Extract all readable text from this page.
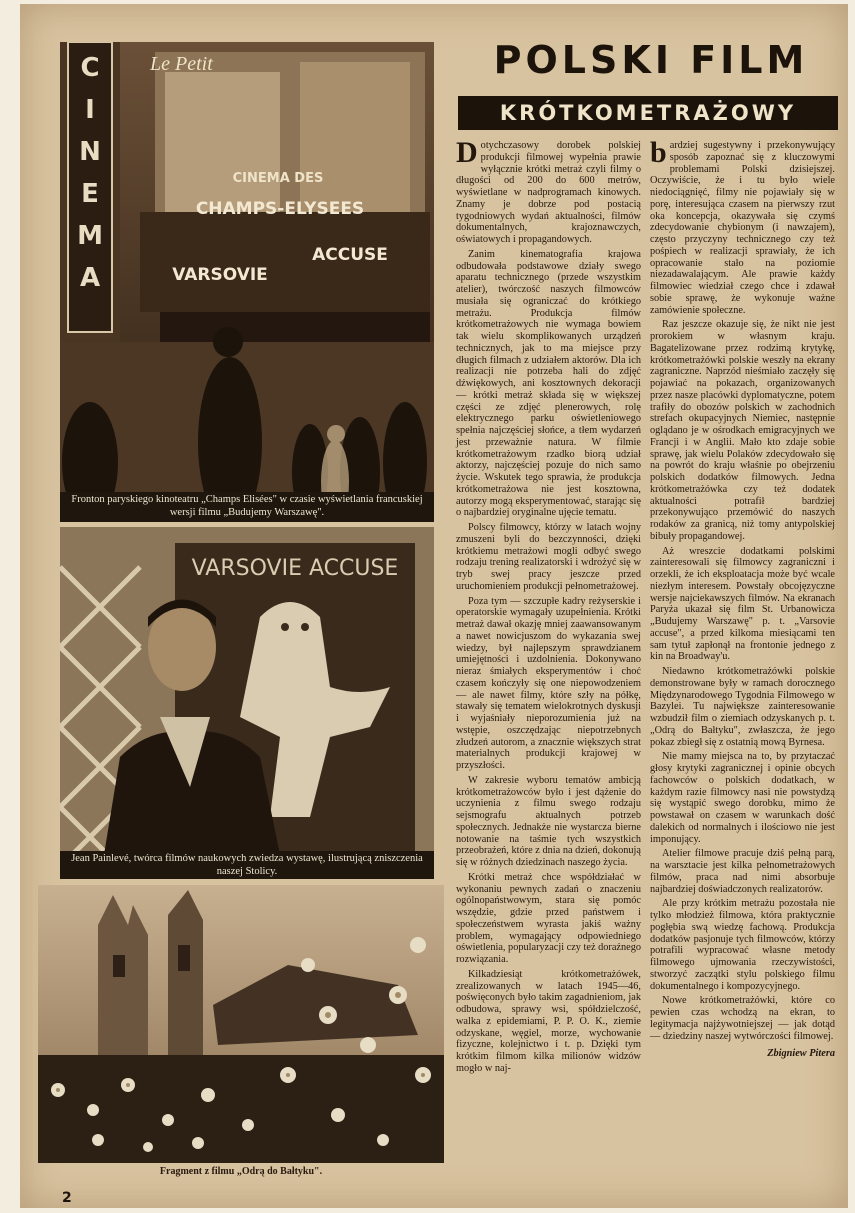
C
I
N
E
M
A
Le Petit
CINEMA DES
CHAMPS-ELYSEES
VARSOVIE
ACCUSE
Fronton paryskiego kinoteatru „Champs Elisées" w czasie wyświetlania francuskiej wersji filmu „Budujemy Warszawę".
VARSOVIE ACCUSE
Jean Painlevé, twórca filmów naukowych zwiedza wystawę, ilustrującą zniszczenia naszej Stolicy.
Fragment z filmu „Odrą do Bałtyku".
POLSKI FILM
KRÓTKOMETRAŻOWY

Dotychczasowy dorobek polskiej produkcji filmowej wypełnia prawie wyłącznie krótki metraż czyli filmy o długości od 200 do 600 metrów, wyświetlane w nadprogramach kinowych. Znamy je dobrze pod postacią tygodniowych wydań aktualności, filmów dokumentalnych, krajoznawczych, oświatowych i propagandowych.

Zanim kinematografia krajowa odbudowała podstawowe działy swego aparatu technicznego (przede wszystkim atelier), twórczość naszych filmowców musiała się ograniczać do krótkiego metrażu. Produkcja filmów krótkometrażowych nie wymaga bowiem tak wielu skomplikowanych urządzeń technicznych, jak to ma miejsce przy długich filmach z udziałem aktorów. Dla ich realizacji nie potrzeba hali do zdjęć dźwiękowych, ani kosztownych dekoracji — krótki metraż składa się w większej części ze zdjęć plenerowych, rolę elektrycznego parku oświetleniowego spełnia najczęściej słońce, a tłem wydarzeń jest przeważnie natura. W filmie krótkometrażowym rzadko biorą udział aktorzy, najczęściej pozuje do nich samo życie. Wskutek tego sprawia, że produkcja krótkometrażowa nie jest kosztowna, autorzy mogą eksperymentować, starając się o najbardziej oryginalne ujęcie tematu.

Polscy filmowcy, którzy w latach wojny zmuszeni byli do bezczynności, dzięki krótkiemu metrażowi mogli odbyć swego rodzaju trening realizatorski i wdrożyć się w tryb swej pracy jeszcze przed uruchomieniem produkcji pełnometrażowej.

Poza tym — szczupłe kadry reżyserskie i operatorskie wymagały uzupełnienia. Krótki metraż dawał okazję mniej zaawansowanym a nawet nowicjuszom do wykazania swej wiedzy, był najlepszym sprawdzianem umiejętności i uzdolnienia. Dokonywano nieraz śmiałych eksperymentów i choć czasem kończyły się one niepowodzeniem — ale nawet filmy, które szły na półkę, stawały się tematem wielokrotnych dyskusji i wyjaśniały nieporozumienia już na wstępie, oszczędzając niepotrzebnych złudzeń autorom, a znacznie większych strat materialnych produkcji krajowej w przyszłości.

W zakresie wyboru tematów ambicją krótkometrażowców było i jest dążenie do uczynienia z filmu swego rodzaju sejsmografu aktualnych potrzeb społecznych. Jednakże nie wystarcza bierne notowanie na taśmie tych wszystkich przeobrażeń, które z dnia na dzień, dokonują się w różnych dziedzinach naszego życia.

Krótki metraż chce współdziałać w wykonaniu pewnych zadań o znaczeniu ogólnopaństwowym, stara się pomóc wszędzie, gdzie przed państwem i społeczeństwem wyrasta jakiś ważny problem, wymagający odpowiedniego oświetlenia, popularyzacji czy też doraźnego rozwiązania.

Kilkadziesiąt krótkometrażówek, zrealizowanych w latach 1945—46, poświęconych było takim zagadnieniom, jak odbudowa, sprawy wsi, spółdzielczość, walka z epidemiami, P. P. O. K., ziemie odzyskane, węgiel, morze, wychowanie fizyczne, kolejnictwo i t. p. Dzięki tym krótkim filmom kilka milionów widzów mogło w naj-

bardziej sugestywny i przekonywujący sposób zapoznać się z kluczowymi problemami Polski dzisiejszej. Oczywiście, że i tu było wiele niedociągnięć, filmy nie pojawiały się w porę, interesująca czasem na pierwszy rzut oka koncepcja, okazywała się czymś zdecydowanie chybionym (i nawzajem), często przyczyny technicznego czy też pośpiech w realizacji sprawiały, że ich opracowanie stało na poziomie niezadawalającym. Ale prawie każdy filmowiec wiedział czego chce i zdawał sobie sprawę, że wykonuje ważne zamówienie społeczne.

Raz jeszcze okazuje się, że nikt nie jest prorokiem w własnym kraju. Bagatelizowane przez rodzimą krytykę, krótkometrażówki polskie weszły na ekrany zagraniczne. Naprzód nieśmiało zaczęły się pojawiać na pokazach, organizowanych przez nasze placówki dyplomatyczne, potem trafiły do obozów polskich w zachodnich strefach okupacyjnych Niemiec, następnie oglądano je w ośrodkach emigracyjnych we Francji i w Anglii. Mało kto zdaje sobie sprawę, jak wielu Polaków zdecydowało się na powrót do kraju właśnie po obejrzeniu polskich dodatków filmowych. Jedna krótkometrażówka czy też dodatek aktualności potrafił bardziej przekonywująco przemówić do naszych rodaków za granicą, niż tomy antypolskiej bibuły propagandowej.

Aż wreszcie dodatkami polskimi zainteresowali się filmowcy zagraniczni i orzekli, że ich eksploatacja może być wcale niezłym interesem. Powstały obcojęzyczne wersje najciekawszych filmów. Na ekranach Paryża ukazał się film St. Urbanowicza „Budujemy Warszawę" p. t. „Varsovie accuse", a przed kilkoma miesiącami ten sam tytuł zapłonął na frontonie jednego z kin na Broadway'u.

Niedawno krótkometrażówki polskie demonstrowane były w ramach dorocznego Międzynarodowego Tygodnia Filmowego w Bazylei. Tu największe zainteresowanie wzbudził film o ziemiach odzyskanych p. t. „Odrą do Bałtyku", zwłaszcza, że jego pokaz zbiegł się z ostatnią mową Byrnesa.

Nie mamy miejsca na to, by przytaczać głosy krytyki zagranicznej i opinie obcych fachowców o polskich dodatkach, w każdym razie filmowcy nasi nie powstydzą się wystąpić swego dorobku, mimo że powstawał on czasem w warunkach dość dalekich od normalnych i ilościowo nie jest imponujący.

Atelier filmowe pracuje dziś pełną parą, na warsztacie jest kilka pełnometrażowych filmów, praca nad nimi absorbuje najbardziej doświadczonych realizatorów.

Ale przy krótkim metrażu pozostała nie tylko młodzież filmowa, która praktycznie pogłębia swą wiedzę fachową. Produkcja dodatków pasjonuje tych filmowców, którzy potrafili wypracować własne metody filmowego ujmowania rzeczywistości, stworzyć zaczątki stylu polskiego filmu dokumentalnego i kompozycyjnego.

Nowe krótkometrażówki, które co pewien czas wchodzą na ekran, to legitymacja najżywotniejszej — jak dotąd — dziedziny naszej wytwórczości filmowej.

Zbigniew Pitera

2
